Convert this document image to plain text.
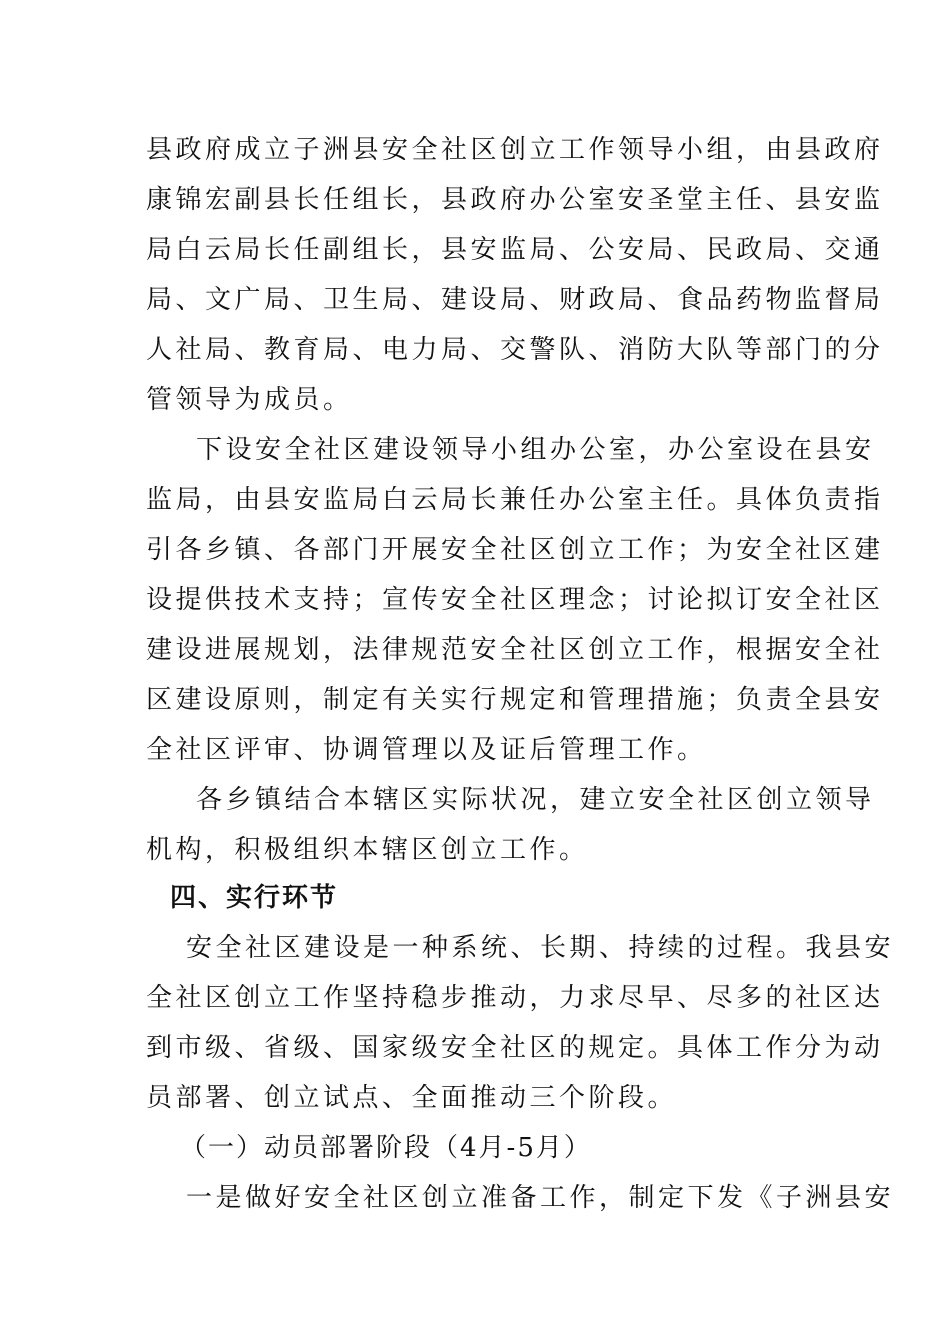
县政府成立子洲县安全社区创立工作领导小组，由县政府
康锦宏副县长任组长，县政府办公室安圣堂主任、县安监
局白云局长任副组长，县安监局、公安局、民政局、交通
局、文广局、卫生局、建设局、财政局、食品药物监督局
人社局、教育局、电力局、交警队、消防大队等部门的分
管领导为成员。
下设安全社区建设领导小组办公室，办公室设在县安
监局，由县安监局白云局长兼任办公室主任。具体负责指
引各乡镇、各部门开展安全社区创立工作；为安全社区建
设提供技术支持；宣传安全社区理念；讨论拟订安全社区
建设进展规划，法律规范安全社区创立工作，根据安全社
区建设原则，制定有关实行规定和管理措施；负责全县安
全社区评审、协调管理以及证后管理工作。
各乡镇结合本辖区实际状况，建立安全社区创立领导
机构，积极组织本辖区创立工作。
四、实行环节
安全社区建设是一种系统、长期、持续的过程。我县安
全社区创立工作坚持稳步推动，力求尽早、尽多的社区达
到市级、省级、国家级安全社区的规定。具体工作分为动
员部署、创立试点、全面推动三个阶段。
（一）动员部署阶段（4月-5月）
一是做好安全社区创立准备工作，制定下发《子洲县安
